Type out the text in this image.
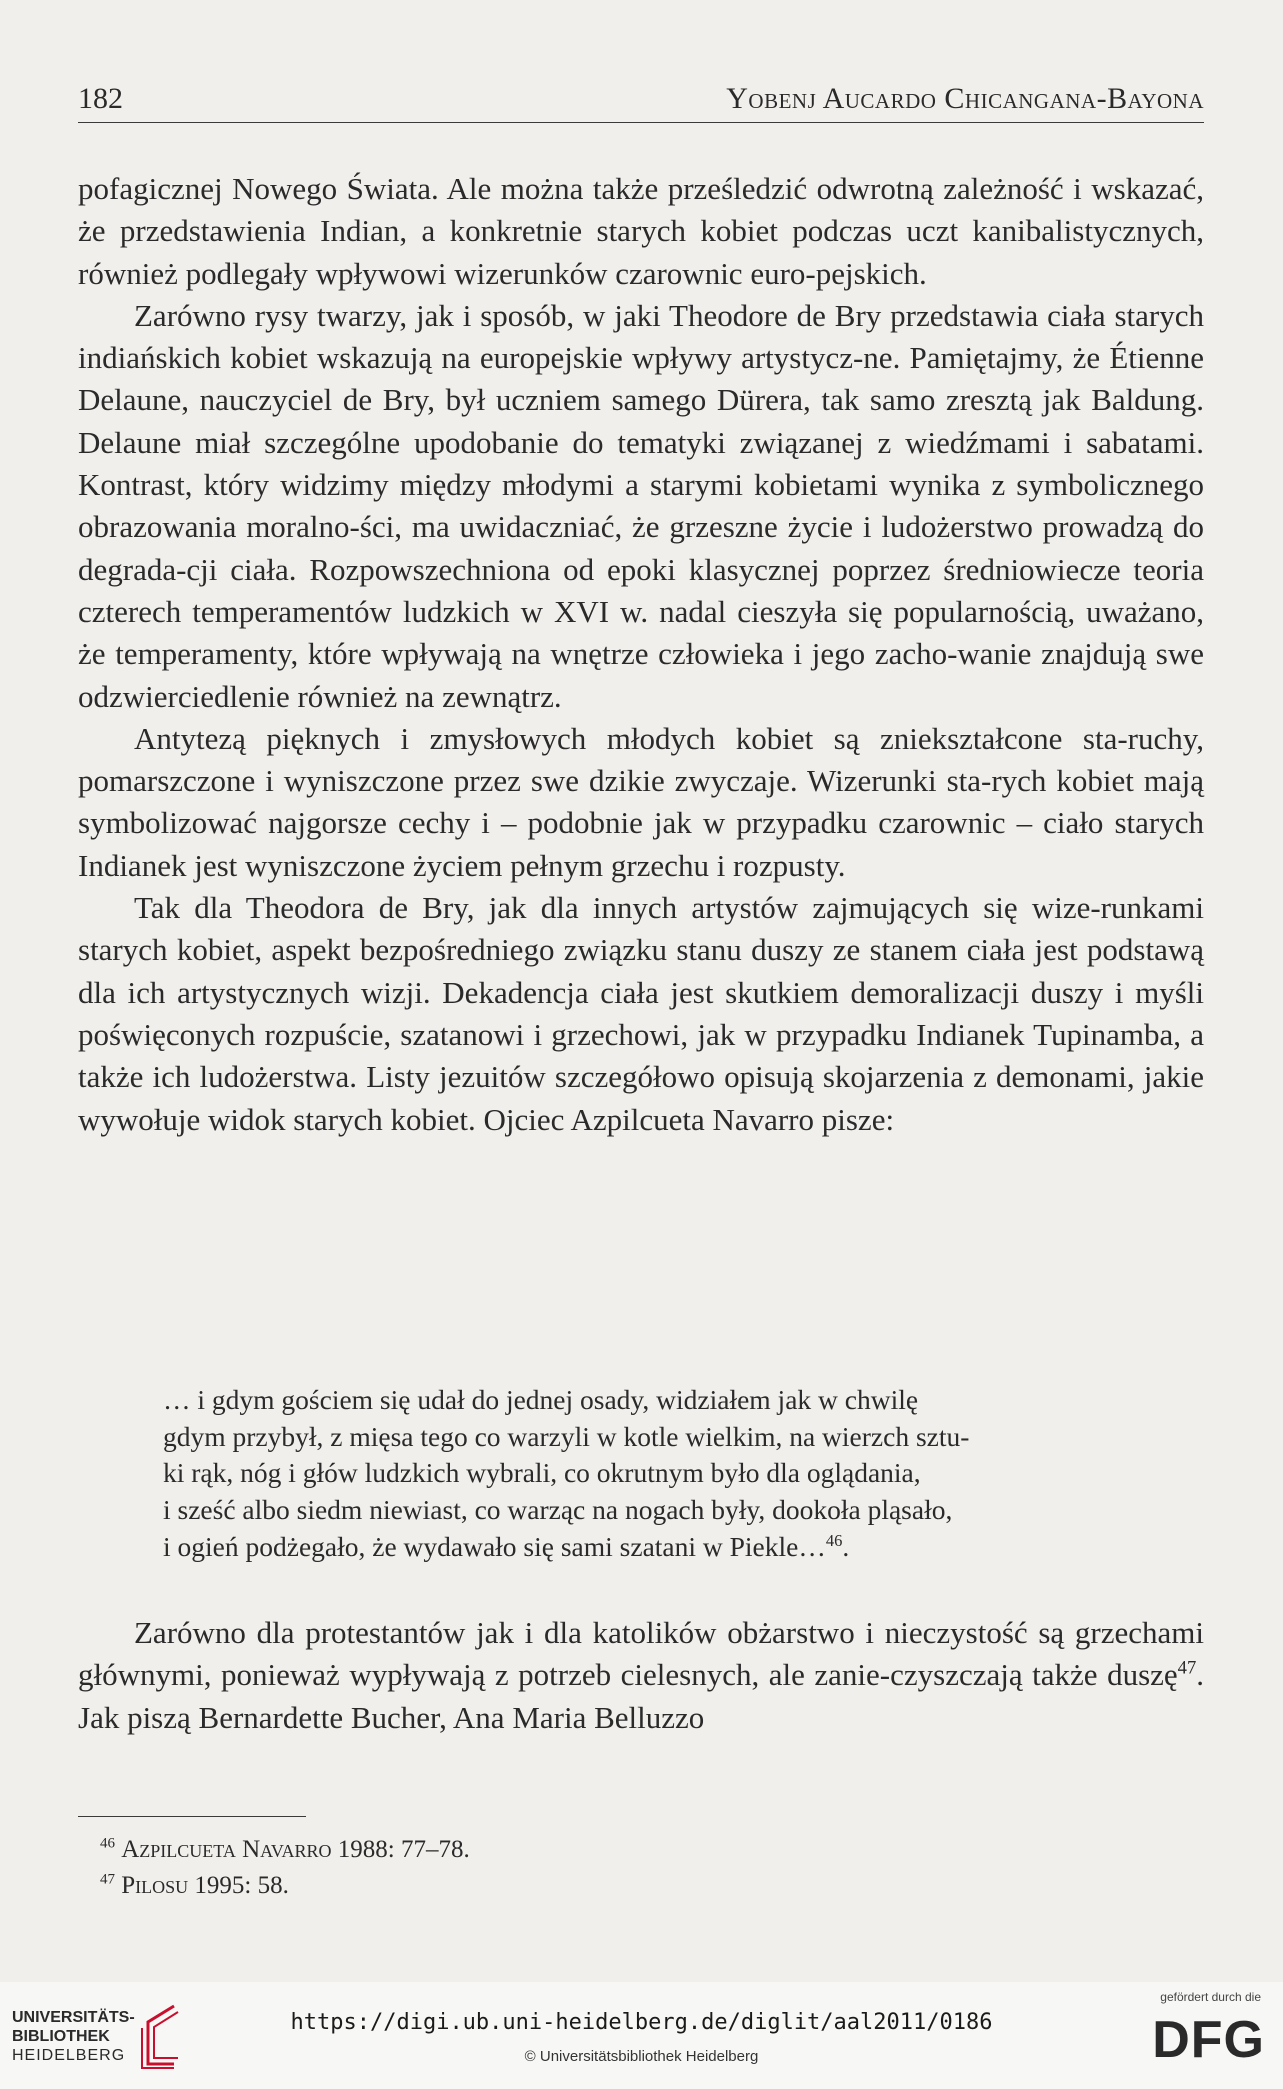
182	Yobenj Aucardo Chicangana-Bayona

pofagicznej Nowego Świata. Ale można także prześledzić odwrotną zależność i wskazać, że przedstawienia Indian, a konkretnie starych kobiet podczas uczt kanibalistycznych, również podlegały wpływowi wizerunków czarownic euro-pejskich.

Zarówno rysy twarzy, jak i sposób, w jaki Theodore de Bry przedstawia ciała starych indiańskich kobiet wskazują na europejskie wpływy artystycz-ne. Pamiętajmy, że Étienne Delaune, nauczyciel de Bry, był uczniem samego Dürera, tak samo zresztą jak Baldung. Delaune miał szczególne upodobanie do tematyki związanej z wiedźmami i sabatami. Kontrast, który widzimy między młodymi a starymi kobietami wynika z symbolicznego obrazowania moralno-ści, ma uwidaczniać, że grzeszne życie i ludożerstwo prowadzą do degrada-cji ciała. Rozpowszechniona od epoki klasycznej poprzez średniowiecze teoria czterech temperamentów ludzkich w XVI w. nadal cieszyła się popularnością, uważano, że temperamenty, które wpływają na wnętrze człowieka i jego zacho-wanie znajdują swe odzwierciedlenie również na zewnątrz.

Antytezą pięknych i zmysłowych młodych kobiet są zniekształcone sta-ruchy, pomarszczone i wyniszczone przez swe dzikie zwyczaje. Wizerunki sta-rych kobiet mają symbolizować najgorsze cechy i – podobnie jak w przypadku czarownic – ciało starych Indianek jest wyniszczone życiem pełnym grzechu i rozpusty.

Tak dla Theodora de Bry, jak dla innych artystów zajmujących się wize-runkami starych kobiet, aspekt bezpośredniego związku stanu duszy ze stanem ciała jest podstawą dla ich artystycznych wizji. Dekadencja ciała jest skutkiem demoralizacji duszy i myśli poświęconych rozpuście, szatanowi i grzechowi, jak w przypadku Indianek Tupinamba, a także ich ludożerstwa. Listy jezuitów szczegółowo opisują skojarzenia z demonami, jakie wywołuje widok starych kobiet. Ojciec Azpilcueta Navarro pisze:

… i gdym gościem się udał do jednej osady, widziałem jak w chwilę

gdym przybył, z mięsa tego co warzyli w kotle wielkim, na wierzch sztu-

ki rąk, nóg i głów ludzkich wybrali, co okrutnym było dla oglądania,

i sześć albo siedm niewiast, co warząc na nogach były, dookoła pląsało,

i ogień podżegało, że wydawało się sami szatani w Piekle…$^{46}$.

Zarówno dla protestantów jak i dla katolików obżarstwo i nieczystość są grzechami głównymi, ponieważ wypływają z potrzeb cielesnych, ale zanie-czyszczają także duszę$^{47}$. Jak piszą Bernardette Bucher, Ana Maria Belluzzo

$^{46}$ Azpilcueta Navarro 1988: 77–78.

$^{47}$ Pilosu 1995: 58.

UNIVERSITÄTS-
BIBLIOTHEK
HEIDELBERG
https://digi.ub.uni-heidelberg.de/diglit/aal2011/0186
© Universitätsbibliothek Heidelberg
gefördert durch die
DFG
